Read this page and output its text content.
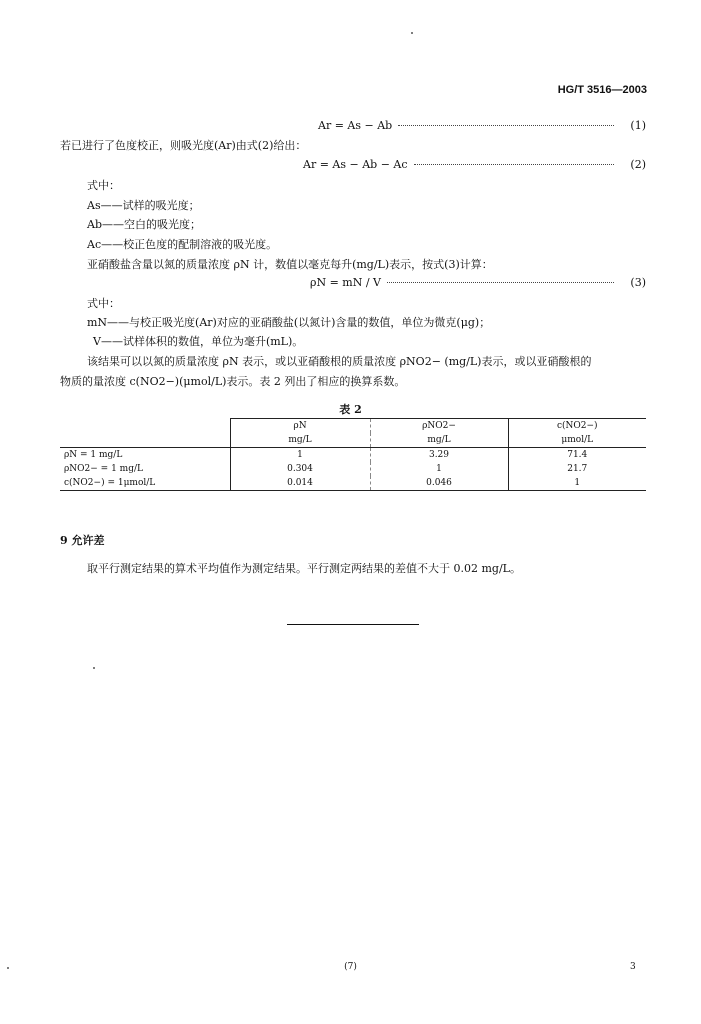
HG/T 3516—2003
Ar = As − Ab	(1)
若已进行了色度校正，则吸光度(Ar)由式(2)给出：
Ar = As − Ab − Ac	(2)
式中：
As——试样的吸光度；
Ab——空白的吸光度；
Ac——校正色度的配制溶液的吸光度。
亚硝酸盐含量以氮的质量浓度 ρN 计，数值以毫克每升(mg/L)表示，按式(3)计算：
ρN = mN / V	(3)
式中：
mN——与校正吸光度(Ar)对应的亚硝酸盐(以氮计)含量的数值，单位为微克(μg)；
V——试样体积的数值，单位为毫升(mL)。
该结果可以以氮的质量浓度 ρN 表示，或以亚硝酸根的质量浓度 ρNO2− (mg/L)表示，或以亚硝酸根的
物质的量浓度 c(NO2−)(μmol/L)表示。表 2 列出了相应的换算系数。
表 2
	ρN	ρNO2−	c(NO2−)
	mg/L	mg/L	μmol/L
ρN = 1 mg/L	1	3.29	71.4
ρNO2− = 1 mg/L	0.304	1	21.7
c(NO2−) = 1μmol/L	0.014	0.046	1
9 允许差
取平行测定结果的算术平均值作为测定结果。平行测定两结果的差值不大于 0.02 mg/L。
(7)	3
